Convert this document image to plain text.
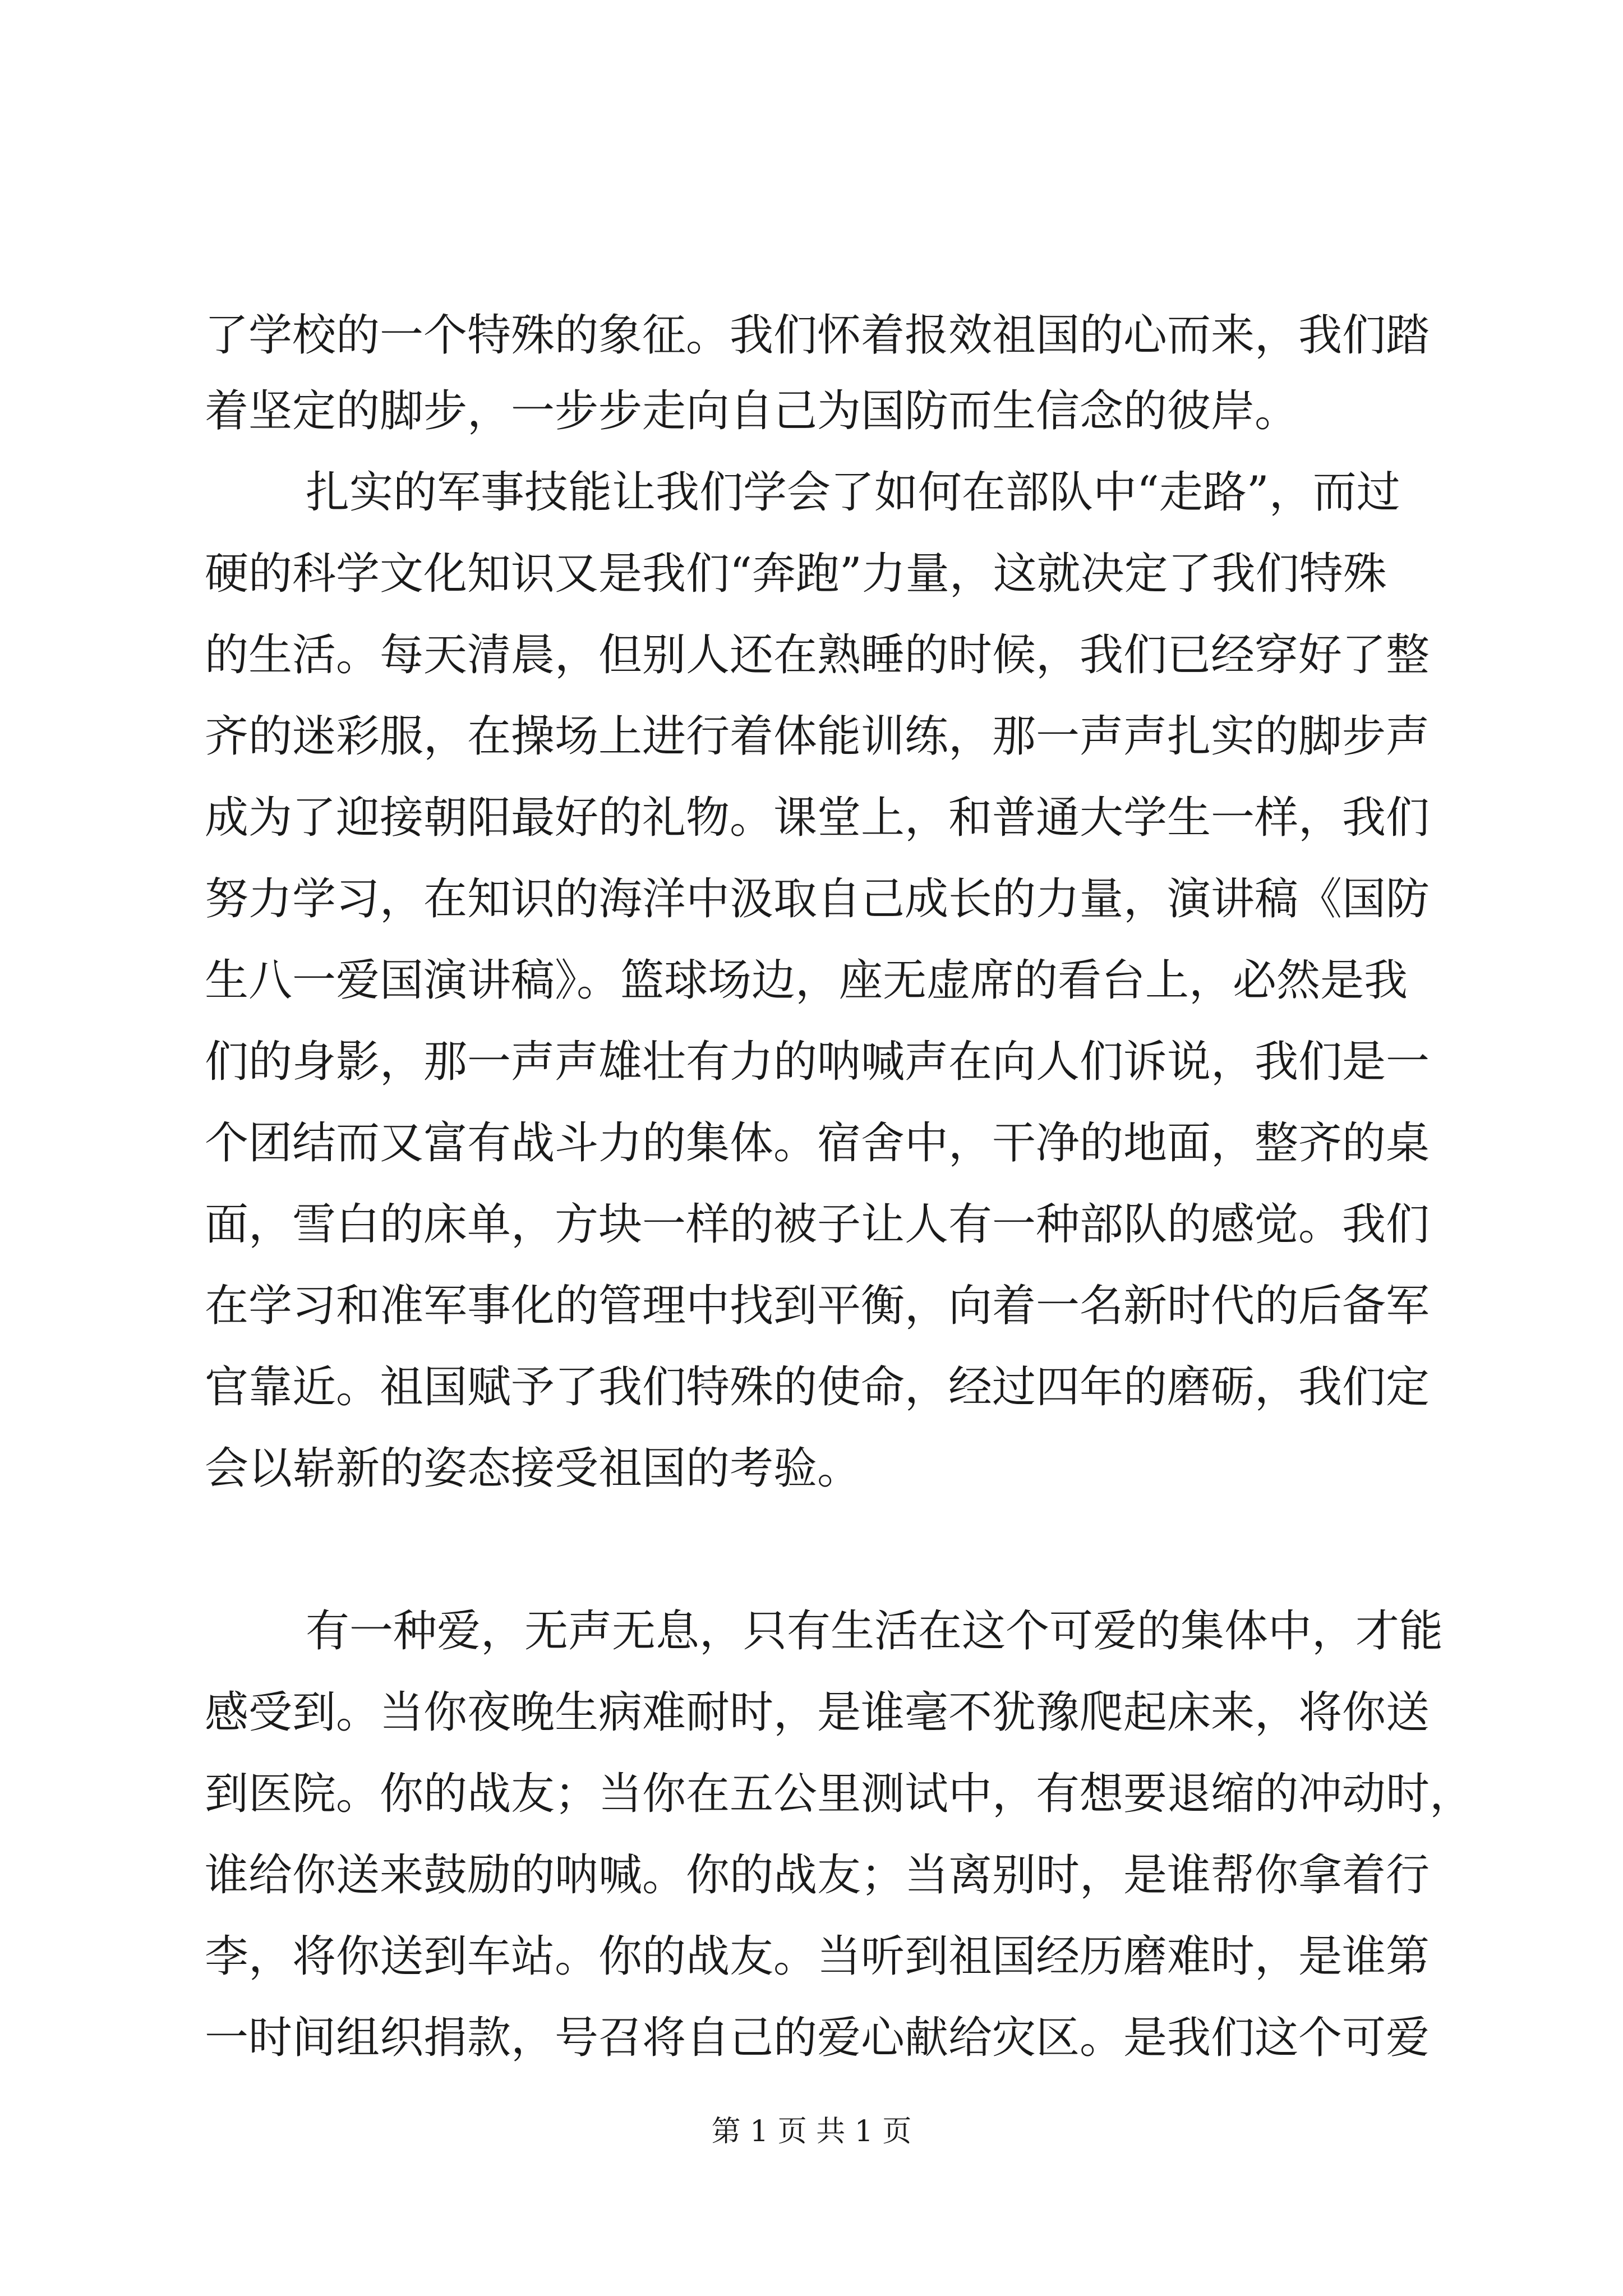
了学校的一个特殊的象征。我们怀着报效祖国的心而来，我们踏
着坚定的脚步，一步步走向自己为国防而生信念的彼岸。
扎实的军事技能让我们学会了如何在部队中“走路”，而过
硬的科学文化知识又是我们“奔跑”力量，这就决定了我们特殊
的生活。每天清晨，但别人还在熟睡的时候，我们已经穿好了整
齐的迷彩服，在操场上进行着体能训练，那一声声扎实的脚步声
成为了迎接朝阳最好的礼物。课堂上，和普通大学生一样，我们
努力学习，在知识的海洋中汲取自己成长的力量，演讲稿《国防
生八一爱国演讲稿》。篮球场边，座无虚席的看台上，必然是我
们的身影，那一声声雄壮有力的呐喊声在向人们诉说，我们是一
个团结而又富有战斗力的集体。宿舍中，干净的地面，整齐的桌
面，雪白的床单，方块一样的被子让人有一种部队的感觉。我们
在学习和准军事化的管理中找到平衡，向着一名新时代的后备军
官靠近。祖国赋予了我们特殊的使命，经过四年的磨砺，我们定
会以崭新的姿态接受祖国的考验。
有一种爱，无声无息，只有生活在这个可爱的集体中，才能
感受到。当你夜晚生病难耐时，是谁毫不犹豫爬起床来，将你送
到医院。你的战友；当你在五公里测试中，有想要退缩的冲动时，
谁给你送来鼓励的呐喊。你的战友；当离别时，是谁帮你拿着行
李，将你送到车站。你的战友。当听到祖国经历磨难时，是谁第
一时间组织捐款，号召将自己的爱心献给灾区。是我们这个可爱
第 1 页 共 1 页
